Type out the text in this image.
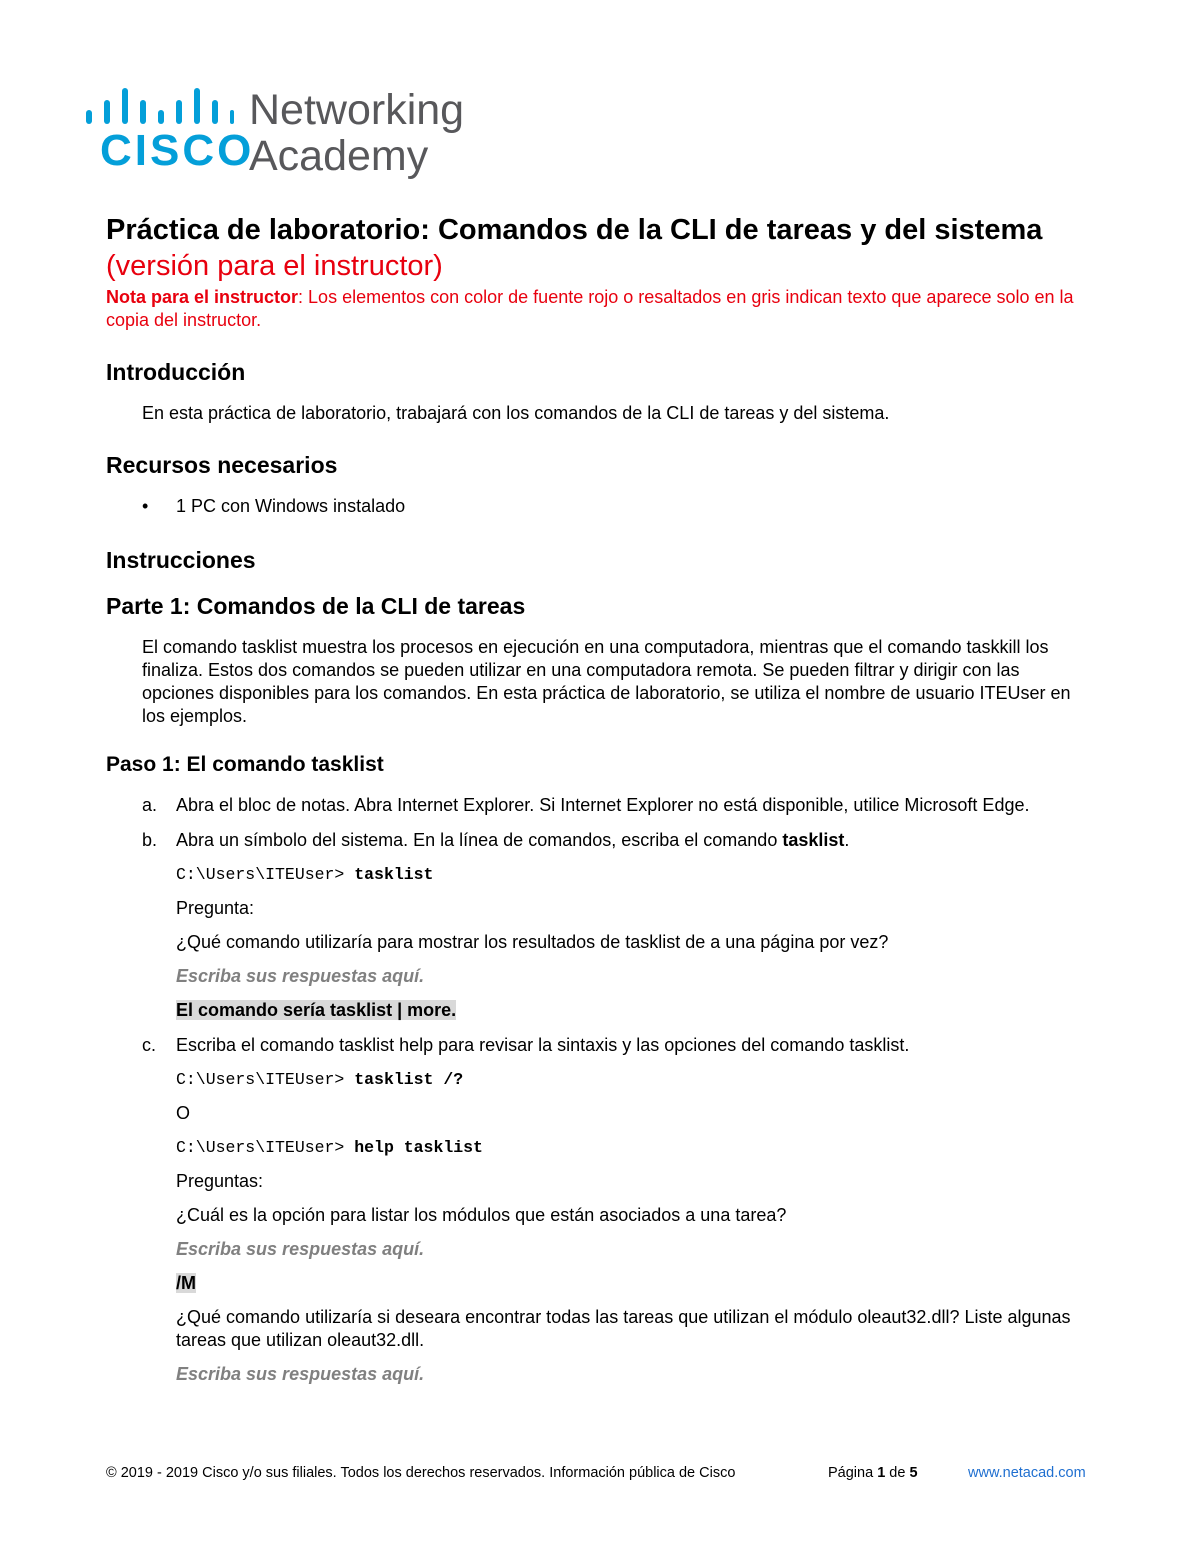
CISCO
Networking
Academy
Práctica de laboratorio: Comandos de la CLI de tareas y del sistema (versión para el instructor)

Nota para el instructor: Los elementos con color de fuente rojo o resaltados en gris indican texto que aparece solo en la copia del instructor.

Introducción

En esta práctica de laboratorio, trabajará con los comandos de la CLI de tareas y del sistema.

Recursos necesarios
• 1 PC con Windows instalado
Instrucciones
Parte 1: Comandos de la CLI de tareas

El comando tasklist muestra los procesos en ejecución en una computadora, mientras que el comando taskkill los finaliza. Estos dos comandos se pueden utilizar en una computadora remota. Se pueden filtrar y dirigir con las opciones disponibles para los comandos. En esta práctica de laboratorio, se utiliza el nombre de usuario ITEUser en los ejemplos.

Paso 1: El comando tasklist
a. Abra el bloc de notas. Abra Internet Explorer. Si Internet Explorer no está disponible, utilice Microsoft Edge.
b. Abra un símbolo del sistema. En la línea de comandos, escriba el comando tasklist.

C:\Users\ITEUser> tasklist

Pregunta:

¿Qué comando utilizaría para mostrar los resultados de tasklist de a una página por vez?

Escriba sus respuestas aquí.

El comando sería tasklist | more.

c. Escriba el comando tasklist help para revisar la sintaxis y las opciones del comando tasklist.

C:\Users\ITEUser> tasklist /?

O

C:\Users\ITEUser> help tasklist

Preguntas:

¿Cuál es la opción para listar los módulos que están asociados a una tarea?

Escriba sus respuestas aquí.

/M

¿Qué comando utilizaría si deseara encontrar todas las tareas que utilizan el módulo oleaut32.dll? Liste algunas tareas que utilizan oleaut32.dll.

Escriba sus respuestas aquí.

© 2019 - 2019 Cisco y/o sus filiales. Todos los derechos reservados. Información pública de Cisco	Página 1 de 5	www.netacad.com
